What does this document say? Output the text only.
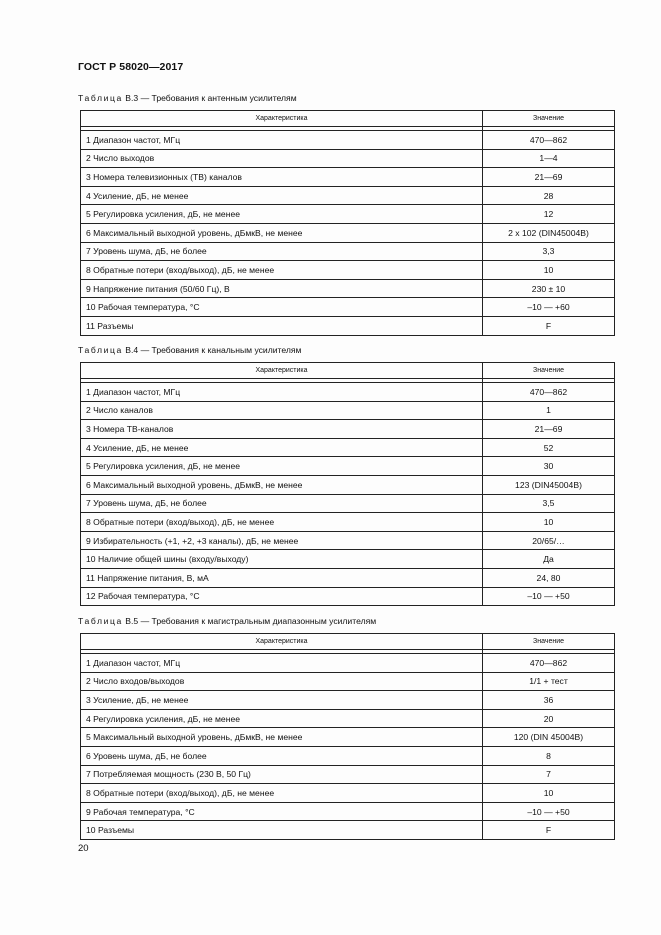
ГОСТ Р 58020—2017
Таблица В.3 — Требования к антенным усилителям
Характеристика	Значение

1 Диапазон частот, МГц	470—862
2 Число выходов	1—4
3 Номера телевизионных (ТВ) каналов	21—69
4 Усиление, дБ, не менее	28
5 Регулировка усиления, дБ, не менее	12
6 Максимальный выходной уровень, дБмкВ, не менее	2 х 102 (DIN45004B)
7 Уровень шума, дБ, не более	3,3
8 Обратные потери (вход/выход), дБ, не менее	10
9 Напряжение питания (50/60 Гц), В	230 ± 10
10 Рабочая температура, °С	–10 — +60
11 Разъемы	F
Таблица В.4 — Требования к канальным усилителям
Характеристика	Значение

1 Диапазон частот, МГц	470—862
2 Число каналов	1
3 Номера ТВ-каналов	21—69
4 Усиление, дБ, не менее	52
5 Регулировка усиления, дБ, не менее	30
6 Максимальный выходной уровень, дБмкВ, не менее	123 (DIN45004B)
7 Уровень шума, дБ, не более	3,5
8 Обратные потери (вход/выход), дБ, не менее	10
9 Избирательность (+1, +2, +3 каналы), дБ, не менее	20/65/…
10 Наличие общей шины (входу/выходу)	Да
11 Напряжение питания, В, мА	24, 80
12 Рабочая температура, °С	–10 — +50
Таблица В.5 — Требования к магистральным диапазонным усилителям
Характеристика	Значение

1 Диапазон частот, МГц	470—862
2 Число входов/выходов	1/1 + тест
3 Усиление, дБ, не менее	36
4 Регулировка усиления, дБ, не менее	20
5 Максимальный выходной уровень, дБмкВ, не менее	120 (DIN 45004B)
6 Уровень шума, дБ, не более	8
7 Потребляемая мощность (230 В, 50 Гц)	7
8 Обратные потери (вход/выход), дБ, не менее	10
9 Рабочая температура, °С	–10 — +50
10 Разъемы	F
20
